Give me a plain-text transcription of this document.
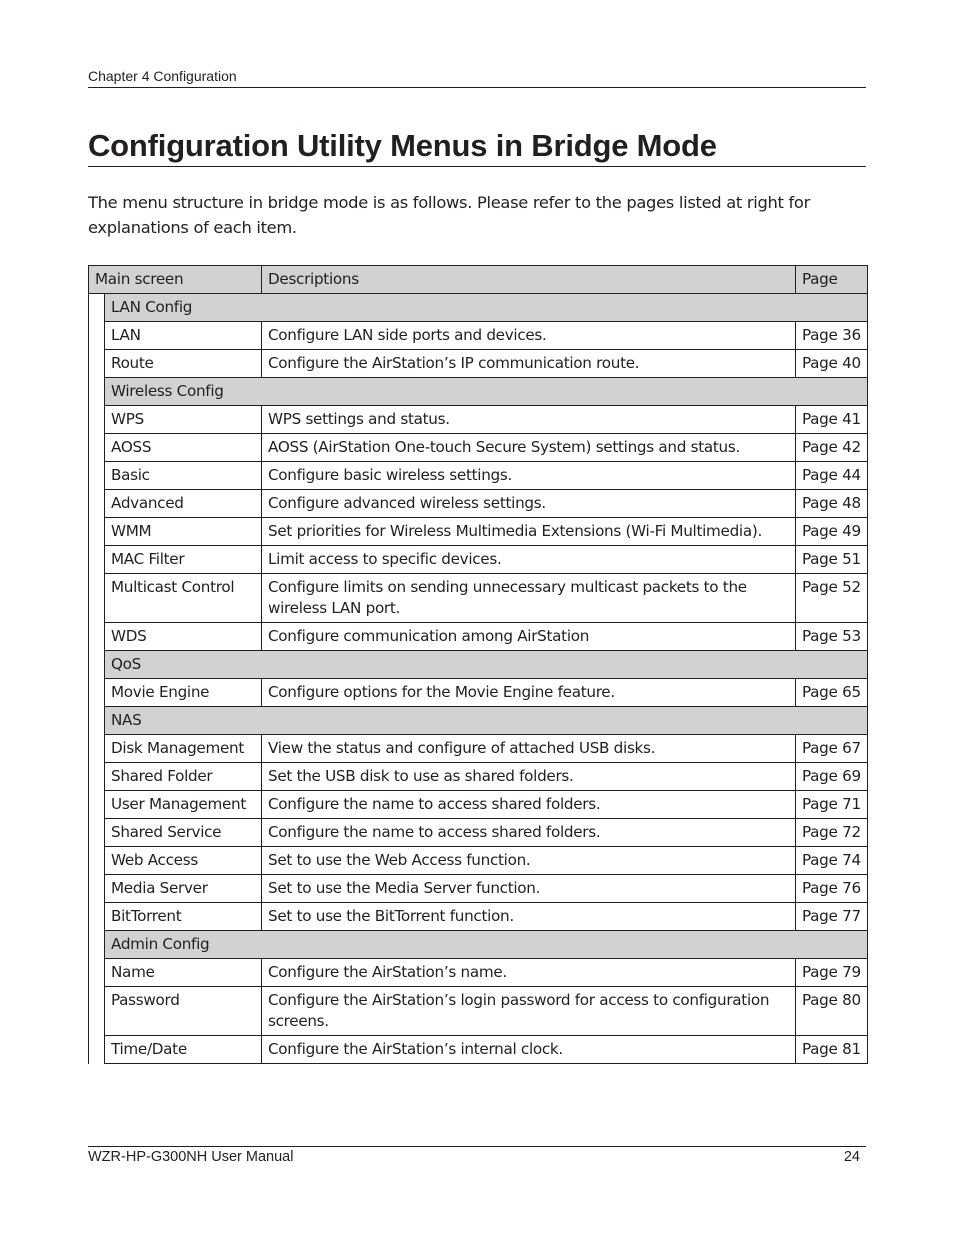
Chapter 4 Configuration
Configuration Utility Menus in Bridge Mode

The menu structure in bridge mode is as follows. Please refer to the pages listed at right for explanations of each item.

Main screen		Descriptions	Page
	LAN Config		
	LAN	Configure LAN side ports and devices.	Page 36
	Route	Configure the AirStation’s IP communication route.	Page 40
	Wireless Config		
	WPS	WPS settings and status.	Page 41
	AOSS	AOSS (AirStation One-touch Secure System) settings and status.	Page 42
	Basic	Configure basic wireless settings.	Page 44
	Advanced	Configure advanced wireless settings.	Page 48
	WMM	Set priorities for Wireless Multimedia Extensions (Wi-Fi Multimedia).	Page 49
	MAC Filter	Limit access to specific devices.	Page 51
	Multicast Control	Configure limits on sending unnecessary multicast packets to the wireless LAN port.	Page 52
	WDS	Configure communication among AirStation	Page 53
	QoS		
	Movie Engine	Configure options for the Movie Engine feature.	Page 65
	NAS		
	Disk Management	View the status and configure of attached USB disks.	Page 67
	Shared Folder	Set the USB disk to use as shared folders.	Page 69
	User Management	Configure the name to access shared folders.	Page 71
	Shared Service	Configure the name to access shared folders.	Page 72
	Web Access	Set to use the Web Access function.	Page 74
	Media Server	Set to use the Media Server function.	Page 76
	BitTorrent	Set to use the BitTorrent function.	Page 77
	Admin Config		
	Name	Configure the AirStation’s name.	Page 79
	Password	Configure the AirStation’s login password for access to configuration screens.	Page 80
	Time/Date	Configure the AirStation’s internal clock.	Page 81
WZR-HP-G300NH User Manual	24
